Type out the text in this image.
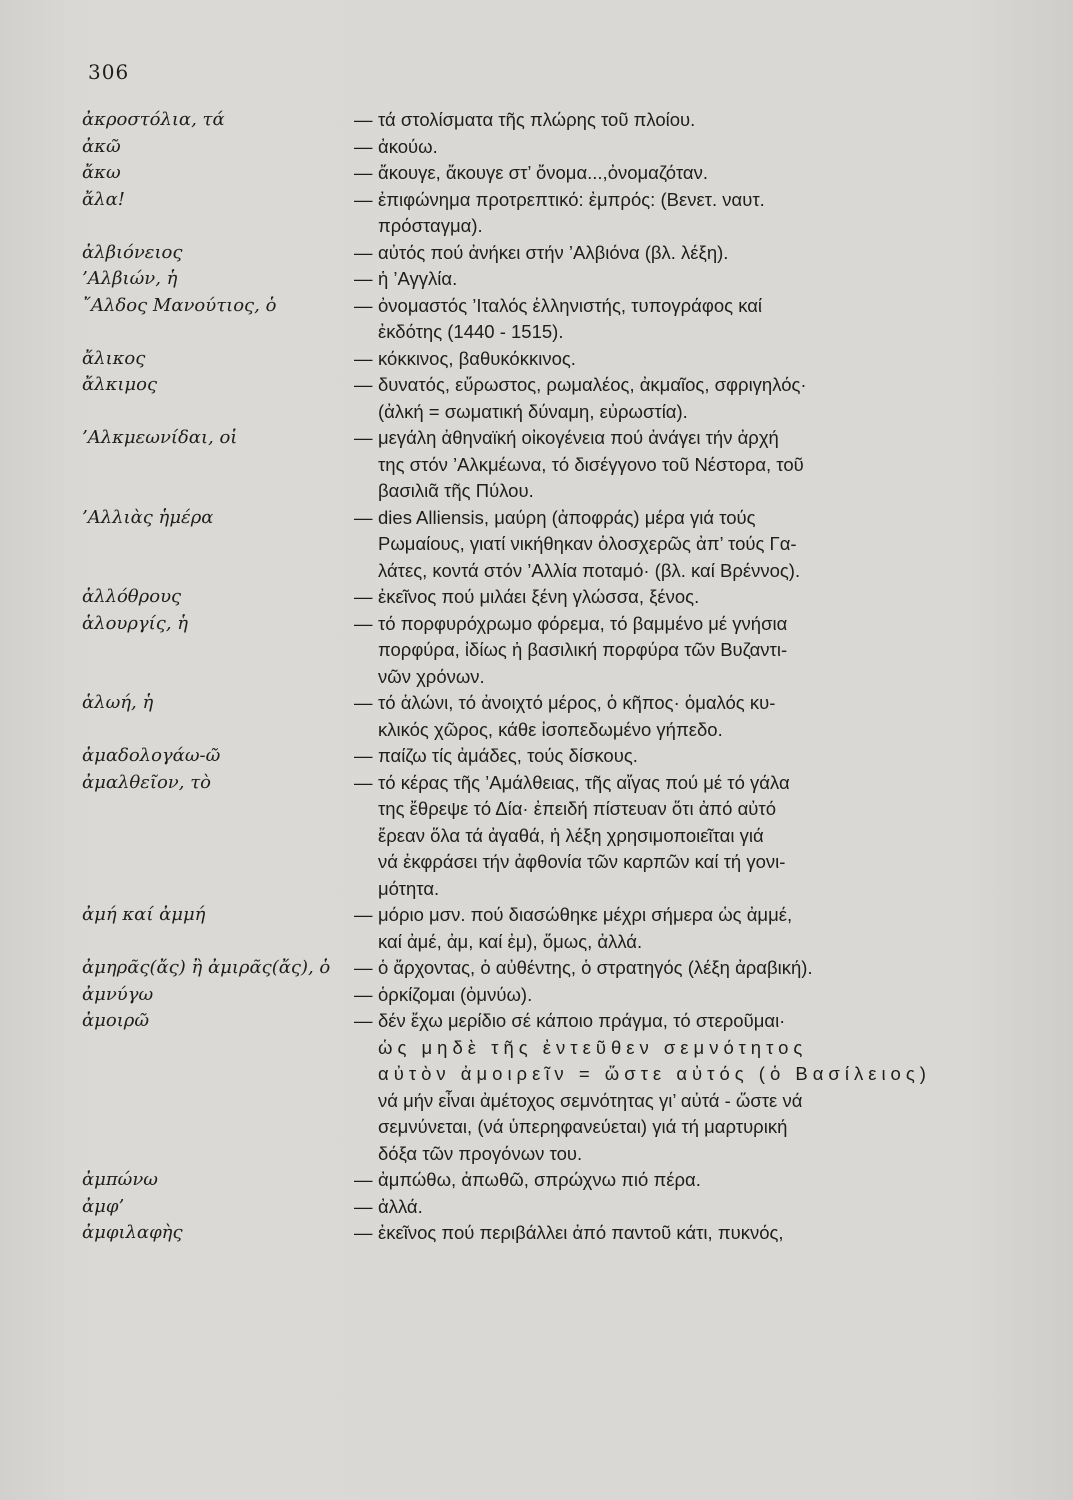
306
ἀκροστόλια, τά	— τά στολίσματα τῆς πλώρης τοῦ πλοίου.
ἀκῶ	— ἀκούω.
ἄκω	— ἄκουγε, ἄκουγε στ’ ὄνομα...,ὀνομαζόταν.
ἄλα!	— ἐπιφώνημα προτρεπτικό: ἐμπρός: (Βενετ. ναυτ.
πρόσταγμα).
ἀλβιόνειος	— αὐτός πού ἀνήκει στήν ’Αλβιόνα (βλ. λέξη).
’Αλβιών, ἡ	— ἡ ’Αγγλία.
῎Αλδος Μανούτιος, ὁ	— ὀνομαστός ’Ιταλός ἑλληνιστής, τυπογράφος καί
ἐκδότης (1440 - 1515).
ἄλικος	— κόκκινος, βαθυκόκκινος.
ἄλκιμος	— δυνατός, εὔρωστος, ρωμαλέος, ἀκμαῖος, σφριγηλός·
(ἀλκή = σωματική δύναμη, εὐρωστία).
’Αλκμεωνίδαι, οἱ	— μεγάλη ἀθηναϊκή οἰκογένεια πού ἀνάγει τήν ἀρχή
της στόν ’Αλκμέωνα, τό δισέγγονο τοῦ Νέστορα, τοῦ
βασιλιᾶ τῆς Πύλου.
’Αλλιὰς ἡμέρα	— dies Alliensis, μαύρη (ἀποφράς) μέρα γιά τούς
Ρωμαίους, γιατί νικήθηκαν ὁλοσχερῶς ἀπ’ τούς Γα-
λάτες, κοντά στόν ’Αλλία ποταμό· (βλ. καί Βρέννος).
ἀλλόθρους	— ἐκεῖνος πού μιλάει ξένη γλώσσα, ξένος.
ἁλουργίς, ἡ	— τό πορφυρόχρωμο φόρεμα, τό βαμμένο μέ γνήσια
πορφύρα, ἰδίως ἡ βασιλική πορφύρα τῶν Βυζαντι-
νῶν χρόνων.
ἁλωή, ἡ	— τό ἁλώνι, τό ἀνοιχτό μέρος, ὁ κῆπος· ὁμαλός κυ-
κλικός χῶρος, κάθε ἰσοπεδωμένο γήπεδο.
ἀμαδολογάω-ῶ	— παίζω τίς ἀμάδες, τούς δίσκους.
ἀμαλθεῖον, τὸ	— τό κέρας τῆς ’Αμάλθειας, τῆς αἴγας πού μέ τό γάλα
της ἔθρεψε τό Δία· ἐπειδή πίστευαν ὅτι ἀπό αὐτό
ἔρεαν ὅλα τά ἀγαθά, ἡ λέξη χρησιμοποιεῖται γιά
νά ἐκφράσει τήν ἀφθονία τῶν καρπῶν καί τή γονι-
μότητα.
ἀμή καί ἀμμή	— μόριο μσν. πού διασώθηκε μέχρι σήμερα ὡς ἀμμέ,
καί ἀμέ, ἀμ, καί ἐμ), ὅμως, ἀλλά.
ἀμηρᾶς(ἄς) ἢ ἀμιρᾶς(ἄς), ὁ — ὁ ἄρχοντας, ὁ αὐθέντης, ὁ στρατηγός (λέξη ἀραβική).
ἀμνύγω	— ὁρκίζομαι (ὀμνύω).
ἀμοιρῶ	— δέν ἔχω μερίδιο σέ κάποιο πράγμα, τό στεροῦμαι·
ὡς μηδὲ τῆς ἐντεῦθεν σεμνότητος
αὐτὸν ἀμοιρεῖν = ὥστε αὐτός (ὁ Βασίλειος)
νά μήν εἶναι ἀμέτοχος σεμνότητας γι’ αὐτά - ὥστε νά
σεμνύνεται, (νά ὑπερηφανεύεται) γιά τή μαρτυρική
δόξα τῶν προγόνων του.
ἀμπώνω	— ἀμπώθω, ἀπωθῶ, σπρώχνω πιό πέρα.
ἀμφ’	— ἀλλά.
ἀμφιλαφὴς	— ἐκεῖνος πού περιβάλλει ἀπό παντοῦ κάτι, πυκνός,
